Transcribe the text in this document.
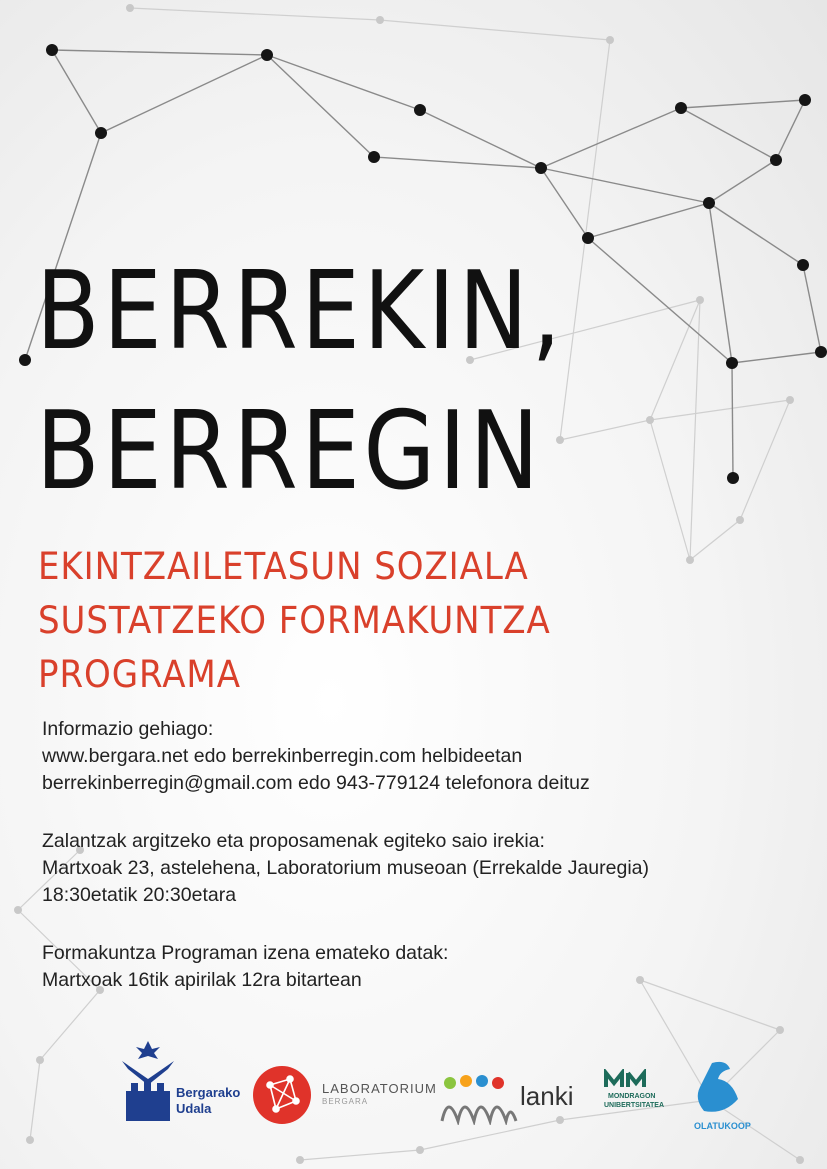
BERREKIN,
BERREGIN
EKINTZAILETASUN SOZIALA
SUSTATZEKO FORMAKUNTZA
PROGRAMA
Informazio gehiago:
www.bergara.net edo berrekinberregin.com helbideetan
berrekinberregin@gmail.com edo 943-779124 telefonora deituz
Zalantzak argitzeko eta proposamenak egiteko saio irekia:
Martxoak 23, astelehena, Laboratorium museoan (Errekalde Jauregia)
18:30etatik 20:30etara
Formakuntza Programan izena emateko datak:
Martxoak 16tik apirilak 12ra bitartean
Bergarako
Udala
LABORATORIUM
BERGARA	lanki	MONDRAGON
UNIBERTSITATEA
OLATUKOOP
